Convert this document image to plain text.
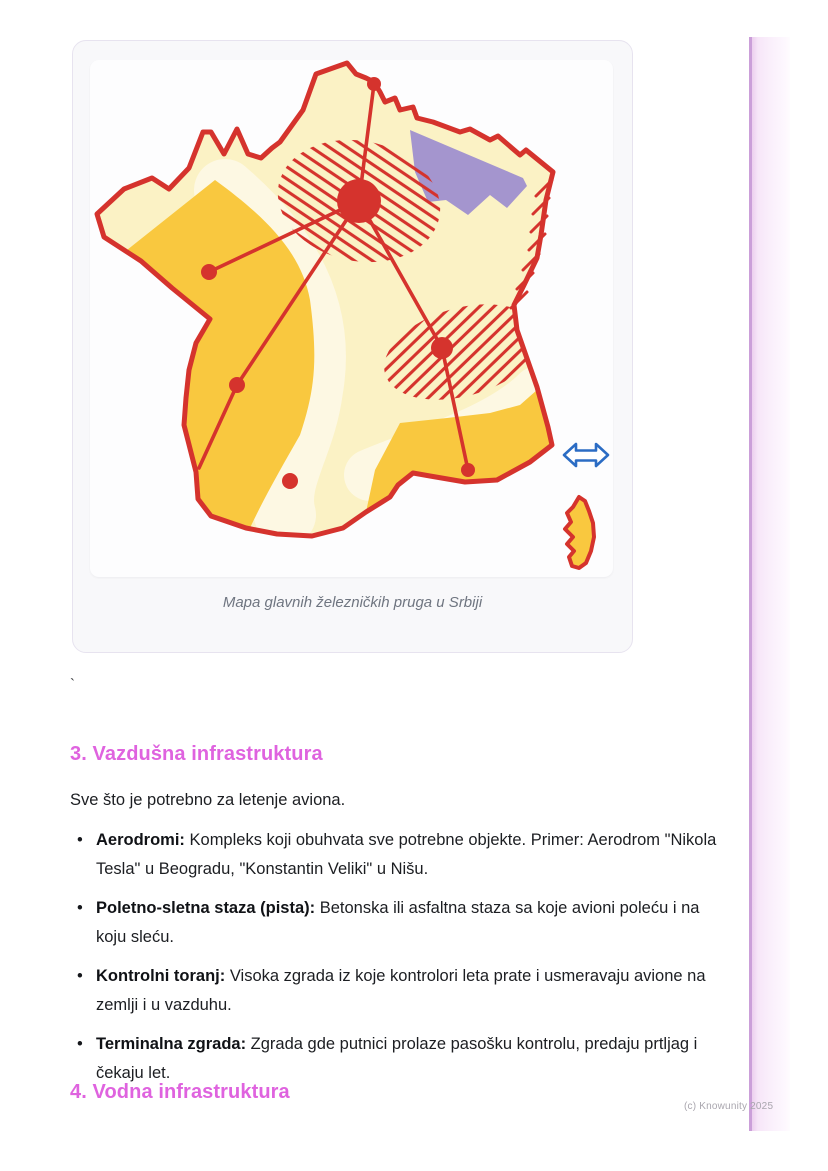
Mapa glavnih železničkih pruga u Srbiji
`
3. Vazdušna infrastruktura

Sve što je potrebno za letenje aviona.

• Aerodromi: Kompleks koji obuhvata sve potrebne objekte. Primer: Aerodrom "Nikola Tesla" u Beogradu, "Konstantin Veliki" u Nišu.
• Poletno-sletna staza (pista): Betonska ili asfaltna staza sa koje avioni poleću i na koju sleću.
• Kontrolni toranj: Visoka zgrada iz koje kontrolori leta prate i usmeravaju avione na zemlji i u vazduhu.
• Terminalna zgrada: Zgrada gde putnici prolaze pasošku kontrolu, predaju prtljag i čekaju let.
4. Vodna infrastruktura
(c) Knowunity 2025
